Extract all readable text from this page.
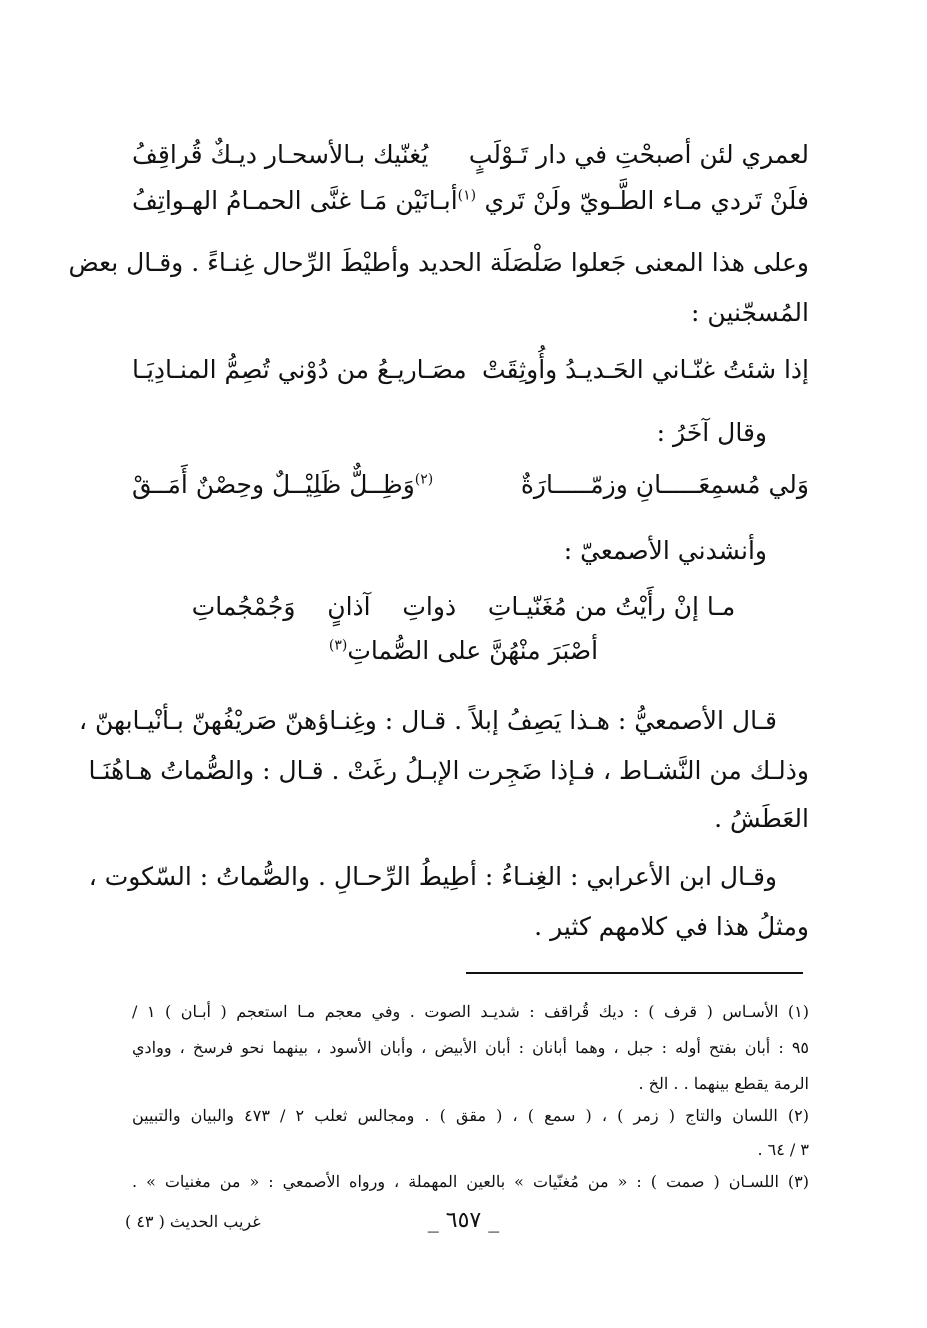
لعمري لئن أصبحْتِ في دار تَـوْلَبٍ
يُغنّيك بـالأسحـار ديـكٌ قُراقِفُ
فلَنْ تَردي مـاء الطَّـويّ ولَنْ تَري
$^{(١)}$أبـانَيْن مَـا غنَّى الحمـامُ الهـواتِفُ
وعلى هذا المعنى جَعلوا صَلْصَلَة الحديد وأطيْطَ الرِّحال غِنـاءً . وقـال بعض
المُسجّنين :
إذا شئتُ غنّـاني الحَـديـدُ وأُوثِقَتْ
مصَـاريـعُ من دُوْني تُصِمُّ المنـادِيَـا
وقال آخَرُ :
وَلي مُسمِعَـــــانِ وزمّـــــارَةٌ
$^{(٢)}$وَظِــلٌّ ظَلِيْــلٌ وحِصْنٌ أَمَــقْ
وأنشدني الأصمعيّ :
مـا إنْ رأَيْتُ من مُغَنّيـاتِ    ذواتِ    آذانٍ    وَجُمْجُماتِ
أصْبَرَ منْهُنَّ على الصُّماتِ$^{(٣)}$
قـال الأصمعيُّ : هـذا يَصِفُ إبلاً . قـال : وغِنـاؤهنّ صَريْفُهنّ بـأنْيـابهنّ ،
وذلـك من النَّشـاط ، فـإذا ضَجِرت الإبـلُ رغَتْ . قـال : والصُّماتُ هـاهُنَـا
العَطَشُ .
وقـال ابن الأعرابي : الغِنـاءُ : أطِيطُ الرِّحـالِ . والصُّماتُ : السّكوت ،
ومثلُ هذا في كلامهم كثير .
(١) الأسـاس ( قرف ) : ديك قُراقف : شديـد الصوت . وفي معجم مـا استعجم ( أبـان ) ١ /
٩٥ : أبان بفتح أوله : جبل ، وهما أبانان : أبان الأبيض ، وأبان الأسود ، بينهما نحو فرسخ ، ووادي
الرمة يقطع بينهما . . الخ .
(٢) اللسان والتاج ( زمر ) ، ( سمع ) ، ( مقق ) . ومجالس ثعلب ٢ / ٤٧٣ والبيان والتبيين
٣ / ٦٤ .
(٣) اللسـان ( صمت ) : « من مُغنّيات » بالعين المهملة ، ورواه الأصمعي : « من مغنيات » .
_ ٦٥٧ _
غريب الحديث ( ٤٣ )
